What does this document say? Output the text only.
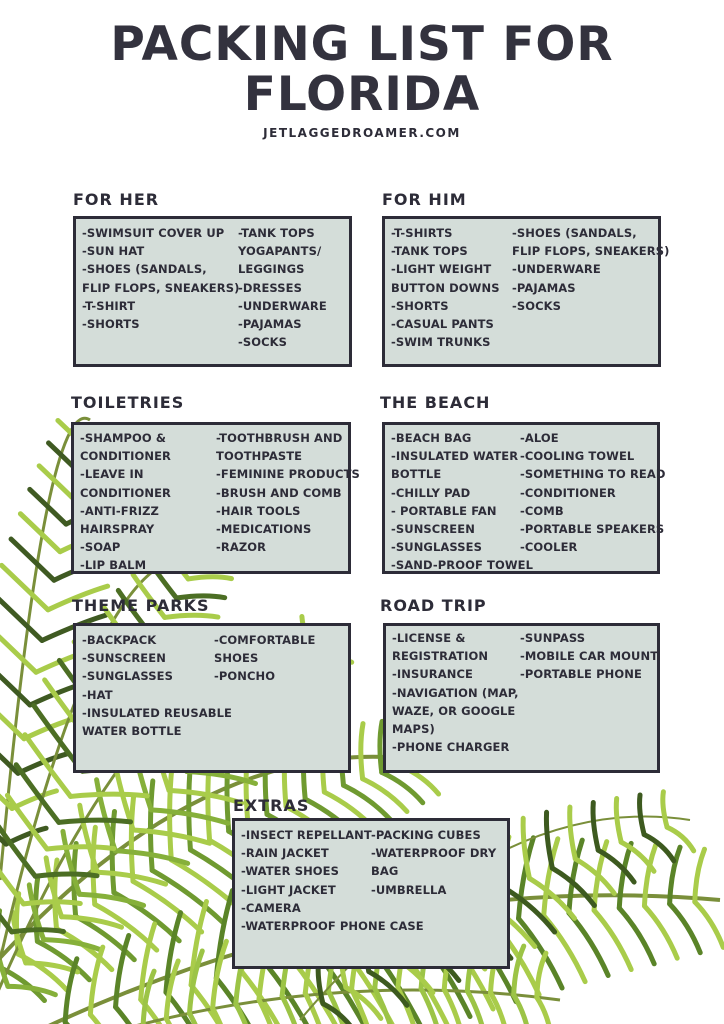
PACKING LIST FOR
FLORIDA
JETLAGGEDROAMER.COM
FOR HER
-SWIMSUIT COVER UP
-SUN HAT
-SHOES (SANDALS,
FLIP FLOPS, SNEAKERS)
-T-SHIRT
-SHORTS
-TANK TOPS
YOGAPANTS/
LEGGINGS
-DRESSES
-UNDERWARE
-PAJAMAS
-SOCKS
FOR HIM
-T-SHIRTS
-TANK TOPS
-LIGHT WEIGHT
BUTTON DOWNS
-SHORTS
-CASUAL PANTS
-SWIM TRUNKS
-SHOES (SANDALS,
FLIP FLOPS, SNEAKERS)
-UNDERWARE
-PAJAMAS
-SOCKS
TOILETRIES
-SHAMPOO &
CONDITIONER
-LEAVE IN
CONDITIONER
-ANTI-FRIZZ
HAIRSPRAY
-SOAP
-LIP BALM
-TOOTHBRUSH AND
TOOTHPASTE
-FEMININE PRODUCTS
-BRUSH AND COMB
-HAIR TOOLS
-MEDICATIONS
-RAZOR
THE BEACH
-BEACH BAG
-INSULATED WATER
BOTTLE
-CHILLY PAD
- PORTABLE FAN
-SUNSCREEN
-SUNGLASSES
-SAND-PROOF TOWEL
-ALOE
-COOLING TOWEL
-SOMETHING TO READ
-CONDITIONER
-COMB
-PORTABLE SPEAKERS
-COOLER
THEME PARKS
-BACKPACK
-SUNSCREEN
-SUNGLASSES
-HAT
-INSULATED REUSABLE
WATER BOTTLE
-COMFORTABLE
SHOES
-PONCHO
ROAD TRIP
-LICENSE &
REGISTRATION
-INSURANCE
-NAVIGATION (MAP,
WAZE, OR GOOGLE
MAPS)
-PHONE CHARGER
-SUNPASS
-MOBILE CAR MOUNT
-PORTABLE PHONE
EXTRAS
-INSECT REPELLANT
-RAIN JACKET
-WATER SHOES
-LIGHT JACKET
-CAMERA
-WATERPROOF PHONE CASE
-PACKING CUBES
-WATERPROOF DRY
BAG
-UMBRELLA
